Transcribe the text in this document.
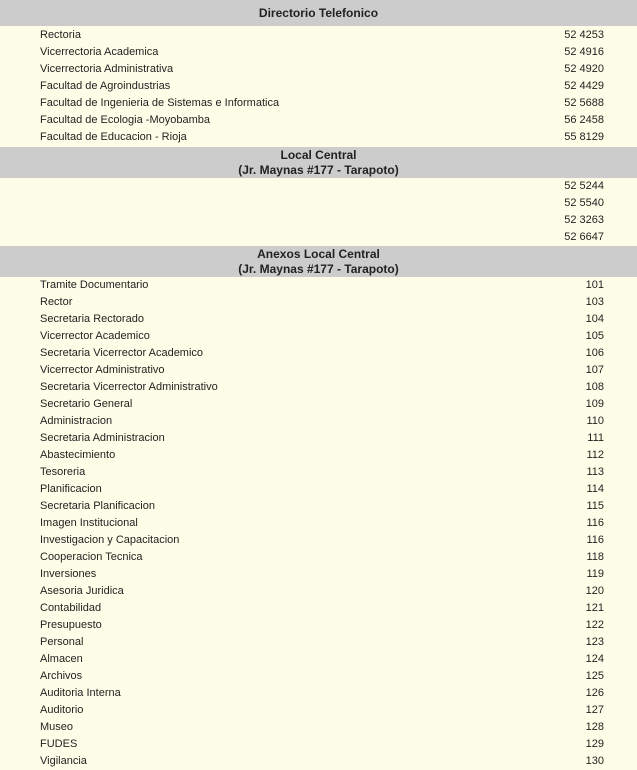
Directorio Telefonico
Rectoria	52 4253
Vicerrectoria Academica	52 4916
Vicerrectoria Administrativa	52 4920
Facultad de Agroindustrias	52 4429
Facultad de Ingenieria de Sistemas e Informatica	52 5688
Facultad de Ecologia -Moyobamba	56 2458
Facultad de Educacion - Rioja	55 8129
Local Central
(Jr. Maynas #177 - Tarapoto)
52 5244
52 5540
52 3263
52 6647
Anexos Local Central
(Jr. Maynas #177 - Tarapoto)
Tramite Documentario	101
Rector	103
Secretaria Rectorado	104
Vicerrector Academico	105
Secretaria Vicerrector Academico	106
Vicerrector Administrativo	107
Secretaria Vicerrector Administrativo	108
Secretario General	109
Administracion	110
Secretaria Administracion	111
Abastecimiento	112
Tesoreria	113
Planificacion	114
Secretaria Planificacion	115
Imagen Institucional	116
Investigacion y Capacitacion	116
Cooperacion Tecnica	118
Inversiones	119
Asesoria Juridica	120
Contabilidad	121
Presupuesto	122
Personal	123
Almacen	124
Archivos	125
Auditoria Interna	126
Auditorio	127
Museo	128
FUDES	129
Vigilancia	130
